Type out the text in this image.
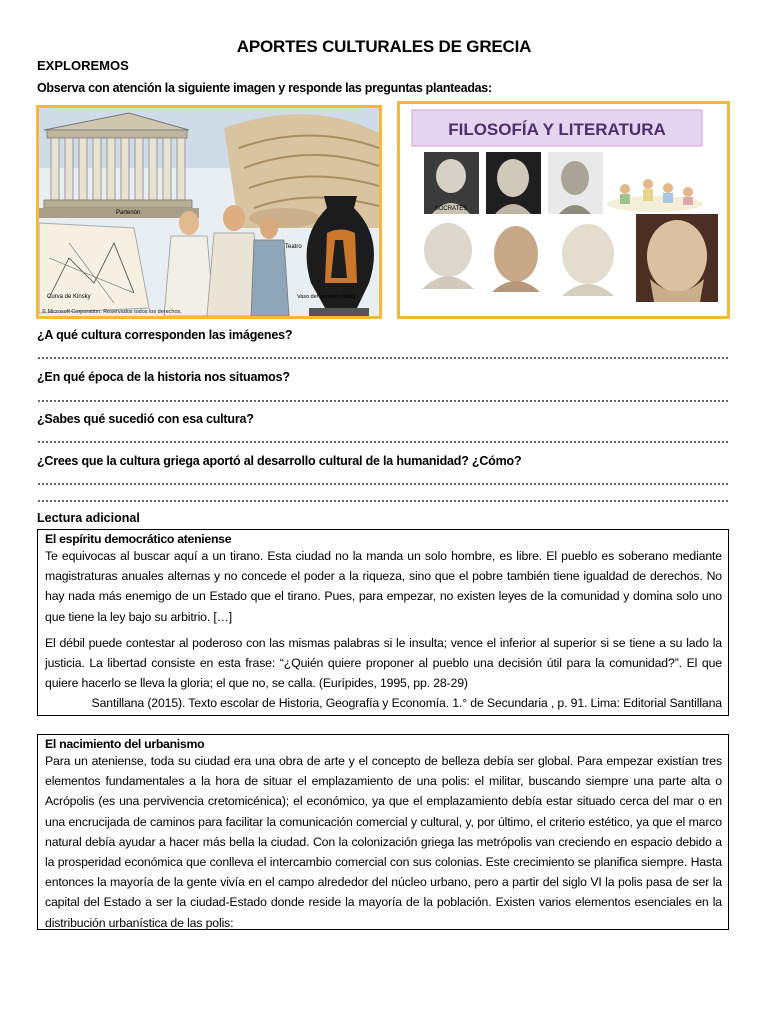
APORTES CULTURALES DE GRECIA
EXPLOREMOS
Observa con atención la siguiente imagen y responde las preguntas planteadas:
Partenón
Teatro
Curva de Kinsky	Vaso del período clásico
© Microsoft Corporation. Reservados todos los derechos.
FILOSOFÍA Y LITERATURA
SÓCRATES
¿A qué cultura corresponden las imágenes?
¿En qué época de la historia nos situamos?
¿Sabes qué sucedió con esa cultura?
¿Crees que la cultura griega aportó al desarrollo cultural de la humanidad? ¿Cómo?
Lectura adicional
El espíritu democrático ateniense

Te equivocas al buscar aquí a un tirano. Esta ciudad no la manda un solo hombre, es libre. El pueblo es soberano mediante magistraturas anuales alternas y no concede el poder a la riqueza, sino que el pobre también tiene igualdad de derechos. No hay nada más enemigo de un Estado que el tirano. Pues, para empezar, no existen leyes de la comunidad y domina solo uno que tiene la ley bajo su arbitrio. […]

El débil puede contestar al poderoso con las mismas palabras si le insulta; vence el inferior al superior si se tiene a su lado la justicia. La libertad consiste en esta frase: “¿Quién quiere proponer al pueblo una decisión útil para la comunidad?”. El que quiere hacerlo se lleva la gloria; el que no, se calla. (Eurípides, 1995, pp. 28-29)

Santillana (2015). Texto escolar de Historia, Geografía y Economía. 1.° de Secundaria , p. 91. Lima: Editorial Santillana

El nacimiento del urbanismo

Para un ateniense, toda su ciudad era una obra de arte y el concepto de belleza debía ser global. Para empezar existían tres elementos fundamentales a la hora de situar el emplazamiento de una polis: el militar, buscando siempre una parte alta o Acrópolis (es una pervivencia cretomicénica); el económico, ya que el emplazamiento debía estar situado cerca del mar o en una encrucijada de caminos para facilitar la comunicación comercial y cultural, y, por último, el criterio estético, ya que el marco natural debía ayudar a hacer más bella la ciudad. Con la colonización griega las metrópolis van creciendo en espacio debido a la prosperidad económica que conlleva el intercambio comercial con sus colonias. Este crecimiento se planifica siempre. Hasta entonces la mayoría de la gente vivía en el campo alrededor del núcleo urbano, pero a partir del siglo VI la polis pasa de ser la capital del Estado a ser la ciudad-Estado donde reside la mayoría de la población. Existen varios elementos esenciales en la distribución urbanística de las polis:
